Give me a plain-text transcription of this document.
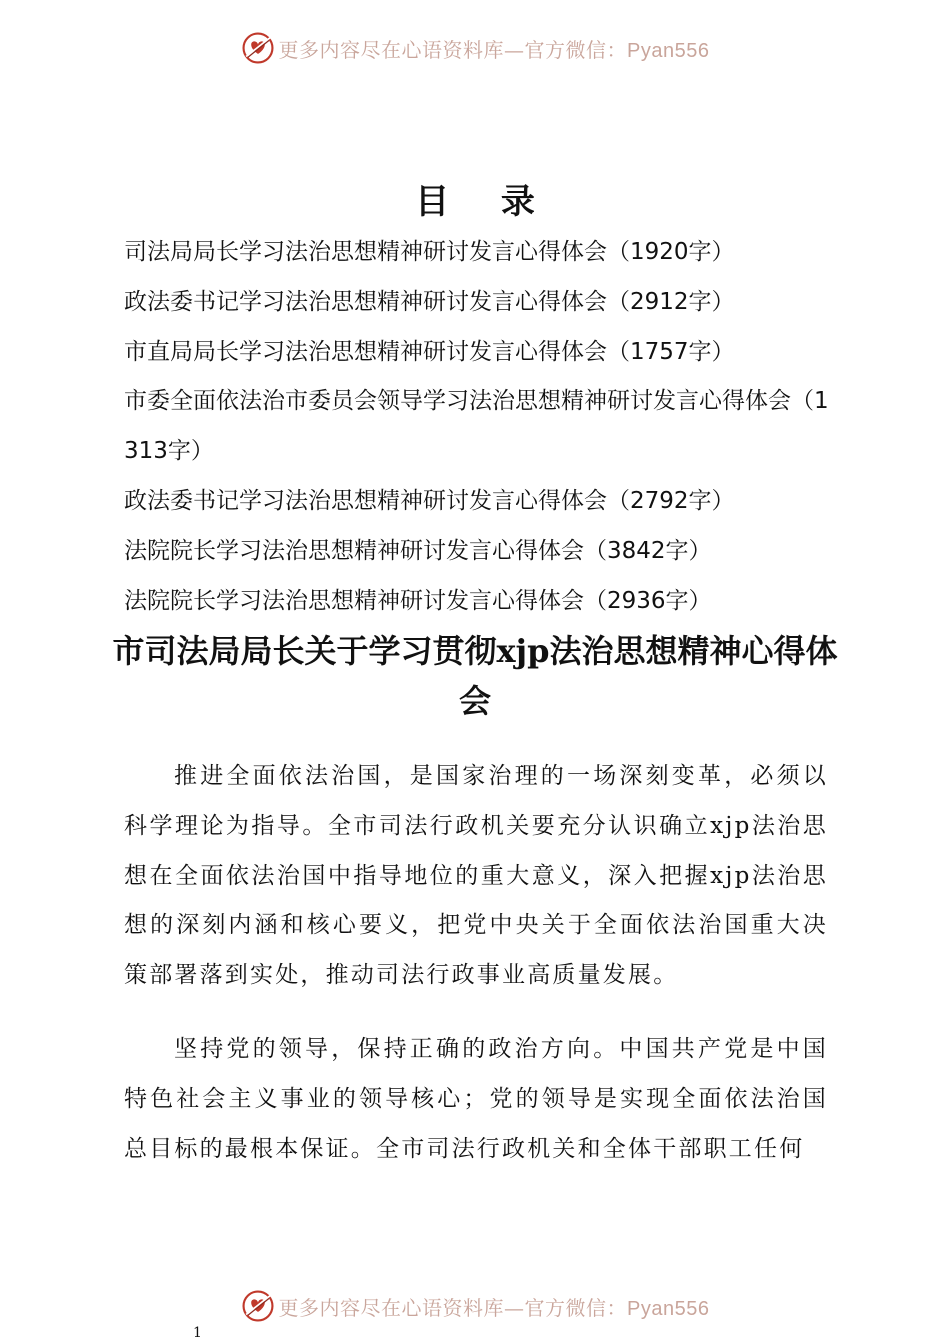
更多内容尽在心语资料库—官方微信：Pyan556
目 录
司法局局长学习法治思想精神研讨发言心得体会（1920字）
政法委书记学习法治思想精神研讨发言心得体会（2912字）
市直局局长学习法治思想精神研讨发言心得体会（1757字）
市委全面依法治市委员会领导学习法治思想精神研讨发言心得体会（1313字）
政法委书记学习法治思想精神研讨发言心得体会（2792字）
法院院长学习法治思想精神研讨发言心得体会（3842字）
法院院长学习法治思想精神研讨发言心得体会（2936字）
市司法局局长关于学习贯彻xjp法治思想精神心得体会

推进全面依法治国，是国家治理的一场深刻变革，必须以科学理论为指导。全市司法行政机关要充分认识确立xjp法治思想在全面依法治国中指导地位的重大意义，深入把握xjp法治思想的深刻内涵和核心要义，把党中央关于全面依法治国重大决策部署落到实处，推动司法行政事业高质量发展。

坚持党的领导，保持正确的政治方向。中国共产党是中国特色社会主义事业的领导核心；党的领导是实现全面依法治国总目标的最根本保证。全市司法行政机关和全体干部职工任何

更多内容尽在心语资料库—官方微信：Pyan556
1
